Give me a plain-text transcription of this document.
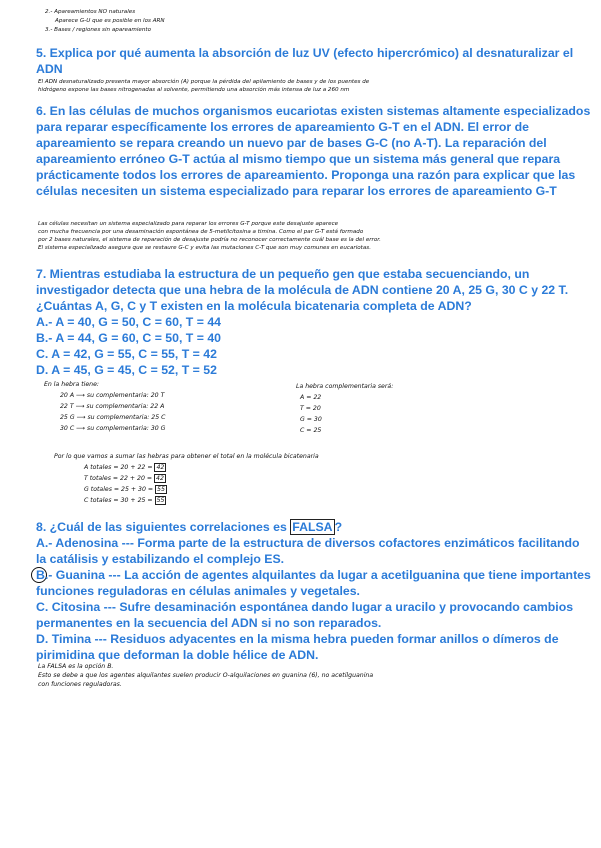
2.- Apareamientos NO naturales
Aparece G-U que es posible en los ARN
3.- Bases / regiones sin apareamiento
5. Explica por qué aumenta la absorción de luz UV (efecto hipercrómico) al desnaturalizar el ADN
El ADN desnaturalizado presenta mayor absorción (A) porque la pérdida del apilamiento de bases y de los puentes de
hidrógeno expone las bases nitrogenadas al solvente, permitiendo una absorción más intensa de luz a 260 nm
6. En las células de muchos organismos eucariotas existen sistemas altamente especializados para reparar específicamente los errores de apareamiento G-T en el ADN. El error de apareamiento se repara creando un nuevo par de bases G-C (no A-T). La reparación del apareamiento erróneo G-T actúa al mismo tiempo que un sistema más general que repara prácticamente todos los errores de apareamiento. Proponga una razón para explicar que las células necesiten un sistema especializado para reparar los errores de apareamiento G-T
Las células necesitan un sistema especializado para reparar los errores G-T porque este desajuste aparece
con mucha frecuencia por una desaminación espontánea de 5-metilcitosina a timina. Como el par G-T está formado
por 2 bases naturales, el sistema de reparación de desajuste podría no reconocer correctamente cuál base es la del error.
El sistema especializado asegura que se restaure G-C y evita las mutaciones C-T que son muy comunes en eucariotas.
7. Mientras estudiaba la estructura de un pequeño gen que estaba secuenciando, un investigador detecta que una hebra de la molécula de ADN contiene 20 A, 25 G, 30 C y 22 T. ¿Cuántas A, G, C y T existen en la molécula bicatenaria completa de ADN?
A.- A = 40, G = 50, C = 60, T = 44
B.- A = 44, G = 60, C = 50, T = 40
C. A = 42, G = 55, C = 55, T = 42
D. A = 45, G = 45, C = 52, T = 52
En la hebra tiene:
20 A ⟶ su complementaria: 20 T
22 T ⟶ su complementaria: 22 A
25 G ⟶ su complementaria: 25 C
30 C ⟶ su complementaria: 30 G
La hebra complementaria será:
A = 22
T = 20
G = 30
C = 25
Por lo que vamos a sumar las hebras para obtener el total en la molécula bicatenaria
A totales = 20 + 22 = 42
T totales = 22 + 20 = 42
G totales = 25 + 30 = 55
C totales = 30 + 25 = 55
8. ¿Cuál de las siguientes correlaciones es FALSA ?
A.- Adenosina --- Forma parte de la estructura de diversos cofactores enzimáticos facilitando la catálisis y estabilizando el complejo ES.
B.- Guanina --- La acción de agentes alquilantes da lugar a acetilguanina que tiene importantes funciones reguladoras en células animales y vegetales.
C. Citosina --- Sufre desaminación espontánea dando lugar a uracilo y provocando cambios permanentes en la secuencia del ADN si no son reparados.
D. Timina --- Residuos adyacentes en la misma hebra pueden formar anillos o dímeros de pirimidina que deforman la doble hélice de ADN.
La FALSA es la opción B.
Esto se debe a que los agentes alquilantes suelen producir O-alquilaciones en guanina (6), no acetilguanina
con funciones reguladoras.
